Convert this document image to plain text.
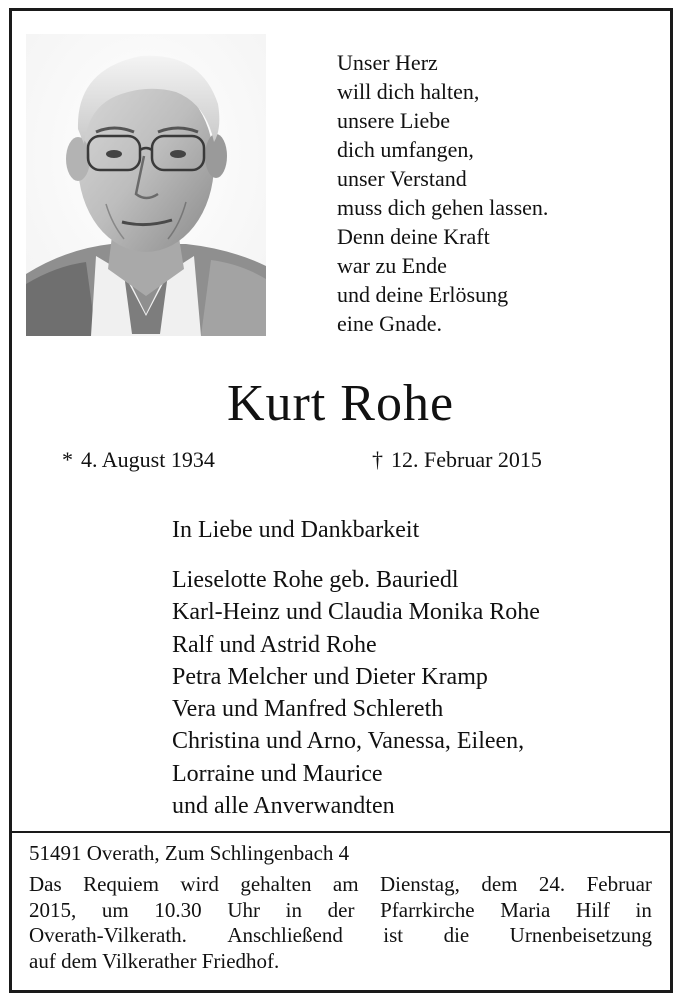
Unser Herz
will dich halten,
unsere Liebe
dich umfangen,
unser Verstand
muss dich gehen lassen.
Denn deine Kraft
war zu Ende
und deine Erlösung
eine Gnade.
Kurt Rohe
* 4. August 1934	† 12. Februar 2015
In Liebe und Dankbarkeit
Lieselotte Rohe geb. Bauriedl
Karl-Heinz und Claudia Monika Rohe
Ralf und Astrid Rohe
Petra Melcher und Dieter Kramp
Vera und Manfred Schlereth
Christina und Arno, Vanessa, Eileen,
Lorraine und Maurice
und alle Anverwandten
51491 Overath, Zum Schlingenbach 4
Das Requiem wird gehalten am Dienstag, dem 24. Februar
2015, um 10.30 Uhr in der Pfarrkirche Maria Hilf in
Overath-Vilkerath. Anschließend ist die Urnenbeisetzung
auf dem Vilkerather Friedhof.
